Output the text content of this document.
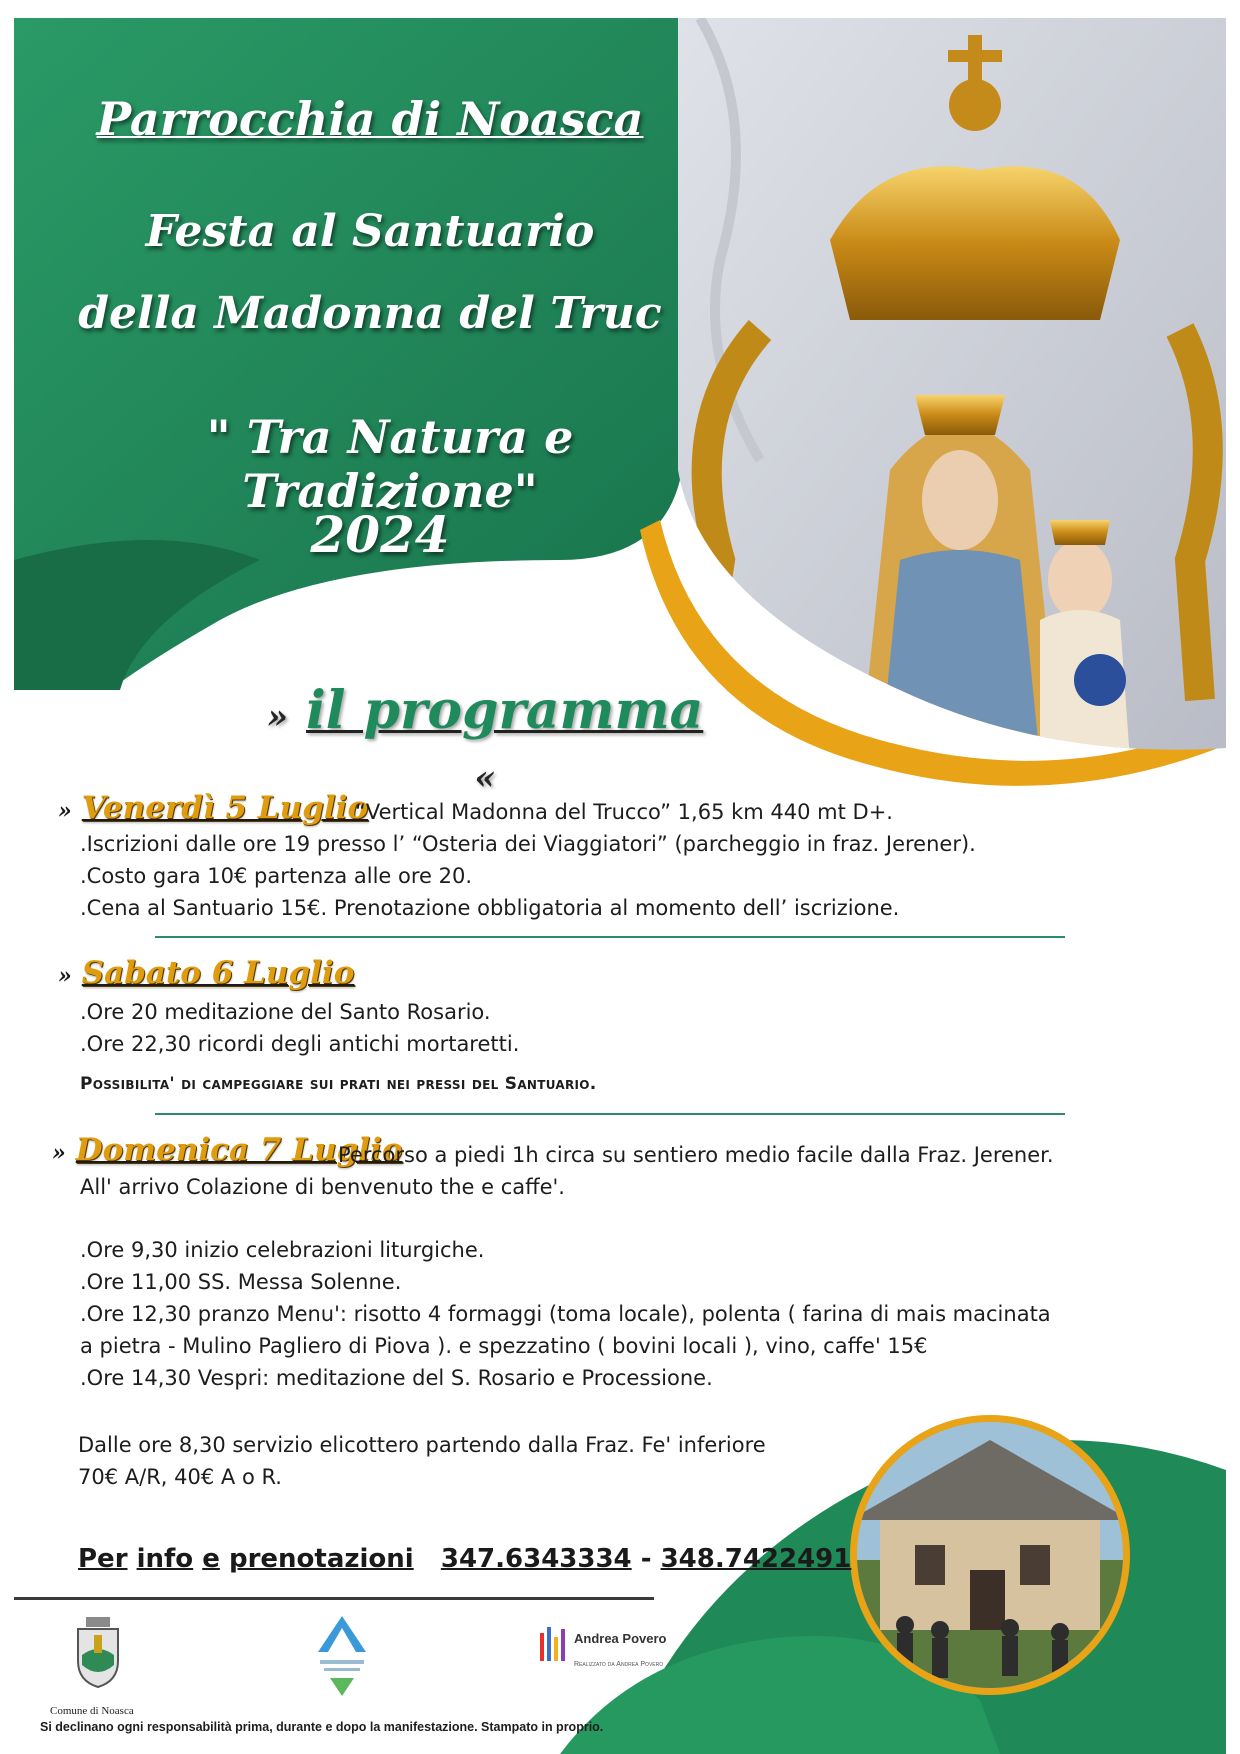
Parrocchia di Noasca
Festa al Santuario
della Madonna del Truc
" Tra Natura e Tradizione"
2024
» il programma «
» Venerdì 5 Luglio
“Vertical Madonna del Trucco” 1,65 km 440 mt D+.
.Iscrizioni dalle ore 19 presso l’ “Osteria dei Viaggiatori” (parcheggio in fraz. Jerener).
.Costo gara 10€ partenza alle ore 20.
.Cena al Santuario 15€. Prenotazione obbligatoria al momento dell’ iscrizione.
» Sabato 6 Luglio
.Ore 20 meditazione del Santo Rosario.
.Ore 22,30 ricordi degli antichi mortaretti.
Possibilita' di campeggiare sui prati nei pressi del Santuario.
» Domenica 7 Luglio
Percorso a piedi 1h circa su sentiero medio facile dalla Fraz. Jerener.
All' arrivo Colazione di benvenuto the e caffe'.
.Ore 9,30 inizio celebrazioni liturgiche.
.Ore 11,00 SS. Messa Solenne.
.Ore 12,30 pranzo Menu': risotto 4 formaggi (toma locale), polenta ( farina di mais macinata
a pietra - Mulino Pagliero di Piova ). e spezzatino ( bovini locali ), vino, caffe' 15€
.Ore 14,30 Vespri: meditazione del S. Rosario e Processione.
Dalle ore 8,30 servizio elicottero partendo dalla Fraz. Fe' inferiore
70€ A/R, 40€ A o R.
Per info e prenotazioni 347.6343334 - 348.7422491
Comune di Noasca
Andrea Povero
Realizzato da Andrea Povero
Si declinano ogni responsabilità prima, durante e dopo la manifestazione. Stampato in proprio.
